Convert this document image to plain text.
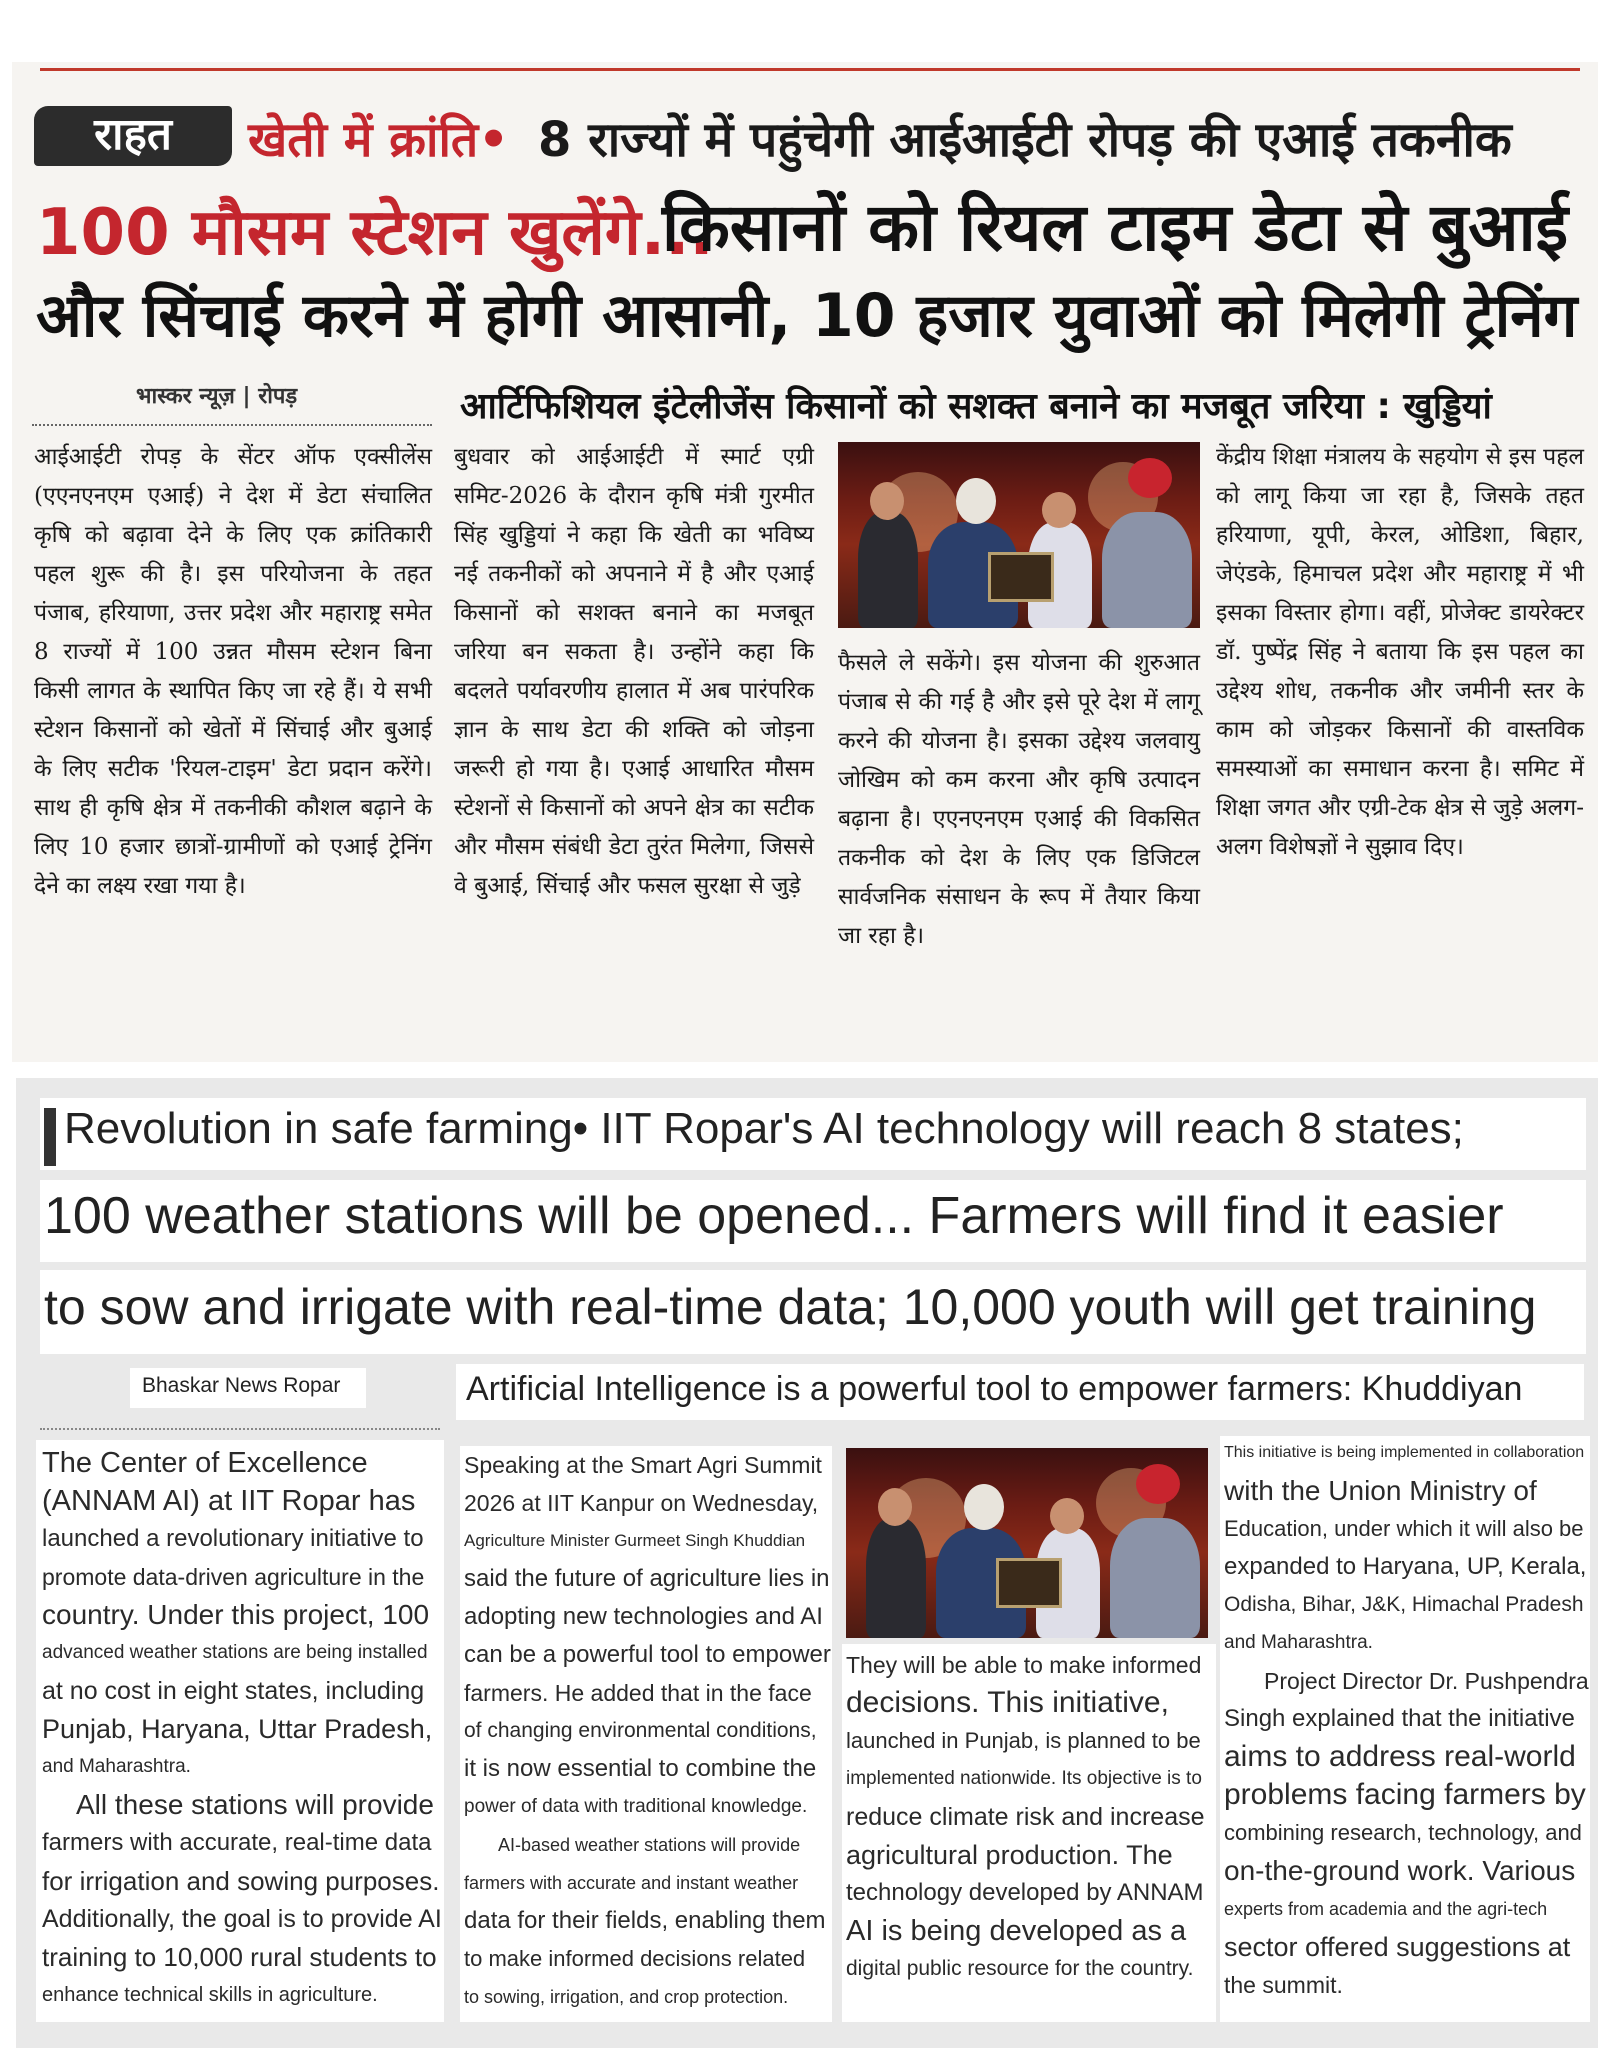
राहत	खेती में क्रांति• 8 राज्यों में पहुंचेगी आईआईटी रोपड़ की एआई तकनीक
100 मौसम स्टेशन खुलेंगे...
किसानों को रियल टाइम डेटा से बुआई
और सिंचाई करने में होगी आसानी, 10 हजार युवाओं को मिलेगी ट्रेनिंग
भास्कर न्यूज़ | रोपड़	आर्टिफिशियल इंटेलीजेंस किसानों को सशक्त बनाने का मजबूत जरिया : खुड्डियां
आईआईटी रोपड़ के सेंटर ऑफ एक्सीलेंस (एएनएनएम एआई) ने देश में डेटा संचालित कृषि को बढ़ावा देने के लिए एक क्रांतिकारी पहल शुरू की है। इस परियोजना के तहत पंजाब, हरियाणा, उत्तर प्रदेश और महाराष्ट्र समेत 8 राज्यों में 100 उन्नत मौसम स्टेशन बिना किसी लागत के स्थापित किए जा रहे हैं। ये सभी स्टेशन किसानों को खेतों में सिंचाई और बुआई के लिए सटीक 'रियल-टाइम' डेटा प्रदान करेंगे। साथ ही कृषि क्षेत्र में तकनीकी कौशल बढ़ाने के लिए 10 हजार छात्रों-ग्रामीणों को एआई ट्रेनिंग देने का लक्ष्य रखा गया है।
बुधवार को आईआईटी में स्मार्ट एग्री समिट-2026 के दौरान कृषि मंत्री गुरमीत सिंह खुड्डियां ने कहा कि खेती का भविष्य नई तकनीकों को अपनाने में है और एआई किसानों को सशक्त बनाने का मजबूत जरिया बन सकता है। उन्होंने कहा कि बदलते पर्यावरणीय हालात में अब पारंपरिक ज्ञान के साथ डेटा की शक्ति को जोड़ना जरूरी हो गया है। एआई आधारित मौसम स्टेशनों से किसानों को अपने क्षेत्र का सटीक और मौसम संबंधी डेटा तुरंत मिलेगा, जिससे वे बुआई, सिंचाई और फसल सुरक्षा से जुड़े
फैसले ले सकेंगे। इस योजना की शुरुआत पंजाब से की गई है और इसे पूरे देश में लागू करने की योजना है। इसका उद्देश्य जलवायु जोखिम को कम करना और कृषि उत्पादन बढ़ाना है। एएनएनएम एआई की विकसित तकनीक को देश के लिए एक डिजिटल सार्वजनिक संसाधन के रूप में तैयार किया जा रहा है।
केंद्रीय शिक्षा मंत्रालय के सहयोग से इस पहल को लागू किया जा रहा है, जिसके तहत हरियाणा, यूपी, केरल, ओडिशा, बिहार, जेएंडके, हिमाचल प्रदेश और महाराष्ट्र में भी इसका विस्तार होगा। वहीं, प्रोजेक्ट डायरेक्टर डॉ. पुष्पेंद्र सिंह ने बताया कि इस पहल का उद्देश्य शोध, तकनीक और जमीनी स्तर के काम को जोड़कर किसानों की वास्तविक समस्याओं का समाधान करना है। समिट में शिक्षा जगत और एग्री-टेक क्षेत्र से जुड़े अलग-अलग विशेषज्ञों ने सुझाव दिए।
Revolution in safe farming• IIT Ropar's AI technology will reach 8 states;
100 weather stations will be opened... Farmers will find it easier
to sow and irrigate with real-time data; 10,000 youth will get training
Bhaskar News Ropar	Artificial Intelligence is a powerful tool to empower farmers: Khuddiyan
The Center of Excellence
(ANNAM AI) at IIT Ropar has
launched a revolutionary initiative to
promote data-driven agriculture in the
country. Under this project, 100
advanced weather stations are being installed
at no cost in eight states, including
Punjab, Haryana, Uttar Pradesh,
and Maharashtra.
All these stations will provide
farmers with accurate, real-time data
for irrigation and sowing purposes.
Additionally, the goal is to provide AI
training to 10,000 rural students to
enhance technical skills in agriculture.
Speaking at the Smart Agri Summit
2026 at IIT Kanpur on Wednesday,
Agriculture Minister Gurmeet Singh Khuddian
said the future of agriculture lies in
adopting new technologies and AI
can be a powerful tool to empower
farmers. He added that in the face
of changing environmental conditions,
it is now essential to combine the
power of data with traditional knowledge.
AI-based weather stations will provide
farmers with accurate and instant weather
data for their fields, enabling them
to make informed decisions related
to sowing, irrigation, and crop protection.
They will be able to make informed
decisions. This initiative,
launched in Punjab, is planned to be
implemented nationwide. Its objective is to
reduce climate risk and increase
agricultural production. The
technology developed by ANNAM
AI is being developed as a
digital public resource for the country.
This initiative is being implemented in collaboration
with the Union Ministry of
Education, under which it will also be
expanded to Haryana, UP, Kerala,
Odisha, Bihar, J&K, Himachal Pradesh
and Maharashtra.
Project Director Dr. Pushpendra
Singh explained that the initiative
aims to address real-world
problems facing farmers by
combining research, technology, and
on-the-ground work. Various
experts from academia and the agri-tech
sector offered suggestions at
the summit.
